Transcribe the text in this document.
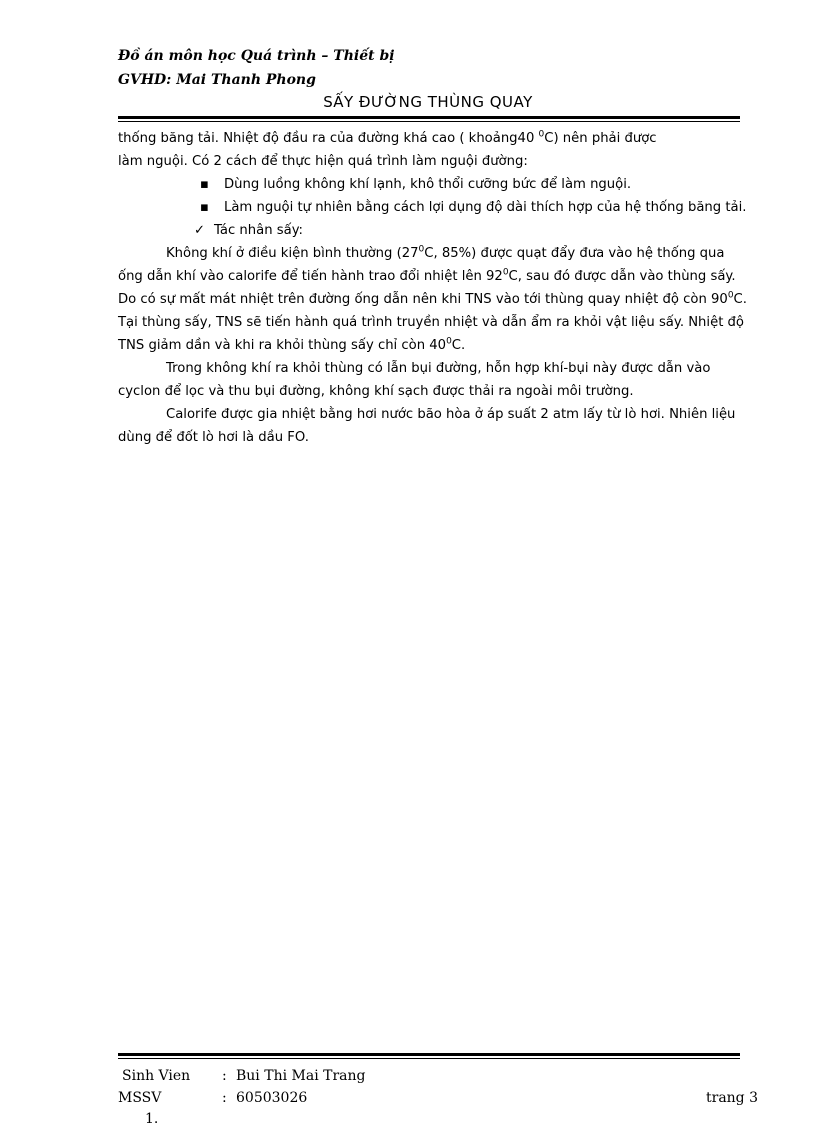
Đồ án môn học Quá trình – Thiết bị
GVHD: Mai Thanh Phong
SẤY ĐƯỜNG THÙNG QUAY

thống băng tải. Nhiệt độ đầu ra của đường khá cao ( khoảng40 $^0$C) nên phải được

làm nguội. Có 2 cách để thực hiện quá trình làm nguội đường:

▪ Dùng luồng không khí lạnh, khô thổi cưỡng bức để làm nguội.

▪ Làm nguội tự nhiên bằng cách lợi dụng độ dài thích hợp của hệ thống băng tải.

✓ Tác nhân sấy:

Không khí ở điều kiện bình thường ($27^0C$, 85%) được quạt đẩy đưa vào hệ thống qua ống dẫn khí vào calorife để tiến hành trao đổi nhiệt lên $92^0C$, sau đó được dẫn vào thùng sấy. Do có sự mất mát nhiệt trên đường ống dẫn nên khi TNS vào tới thùng quay nhiệt độ còn $90^0C$. Tại thùng sấy, TNS sẽ tiến hành quá trình truyền nhiệt và dẫn ẩm ra khỏi vật liệu sấy. Nhiệt độ TNS giảm dần và khi ra khỏi thùng sấy chỉ còn $40^0C$.

Trong không khí ra khỏi thùng có lẫn bụi đường, hỗn hợp khí-bụi này được dẫn vào cyclon để lọc và thu bụi đường, không khí sạch được thải ra ngoài môi trường.

Calorife được gia nhiệt bằng hơi nước bão hòa ở áp suất 2 atm lấy từ lò hơi. Nhiên liệu dùng để đốt lò hơi là dầu FO.

Sinh Vien : Bui Thi Mai Trang
MSSV	: 60503026	trang 3
1.
